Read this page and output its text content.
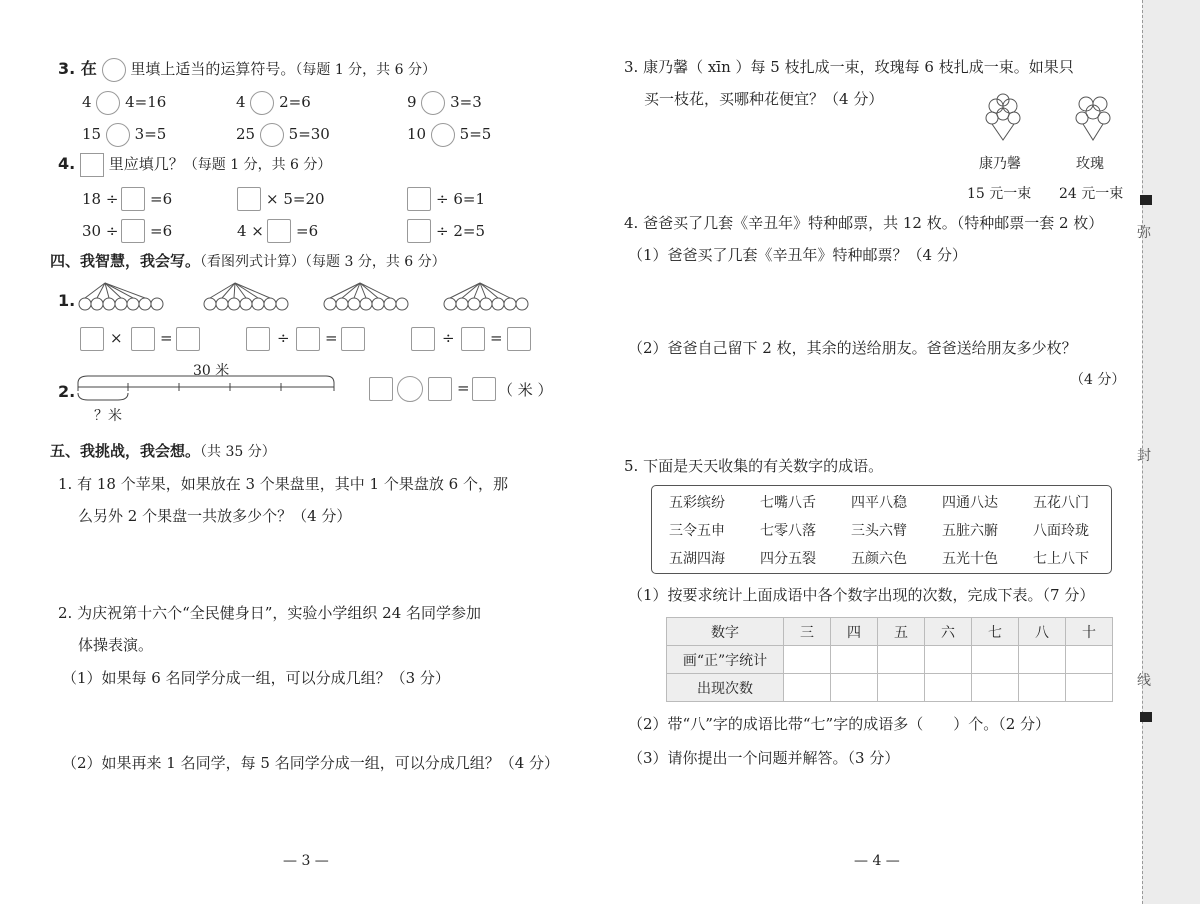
3. 在 里填上适当的运算符号。（每题 1 分，共 6 分）
4 4=16	4 2=6	9 3=3
15 3=5	25 5=30	10 5=5
4. 里应填几？（每题 1 分，共 6 分）
18 ÷ =6	× 5=20	÷ 6=1
30 ÷ =6	4 × =6	÷ 2=5
四、我智慧，我会写。（看图列式计算）（每题 3 分，共 6 分）
1.
× =	÷ =	÷ =
2.
30 米
？米
= （ 米 ）
五、我挑战，我会想。（共 35 分）
1. 有 18 个苹果，如果放在 3 个果盘里，其中 1 个果盘放 6 个，那
么另外 2 个果盘一共放多少个？（4 分）
2. 为庆祝第十六个“全民健身日”，实验小学组织 24 名同学参加
体操表演。
（1）如果每 6 名同学分成一组，可以分成几组？（3 分）
（2）如果再来 1 名同学，每 5 名同学分成一组，可以分成几组？（4 分）
— 3 —
3. 康乃馨（ xīn ）每 5 枝扎成一束，玫瑰每 6 枝扎成一束。如果只
买一枝花，买哪种花便宜？（4 分）
康乃馨	玫瑰
15 元一束 24 元一束
4. 爸爸买了几套《辛丑年》特种邮票，共 12 枚。（特种邮票一套 2 枚）
（1）爸爸买了几套《辛丑年》特种邮票？（4 分）
（2）爸爸自己留下 2 枚，其余的送给朋友。爸爸送给朋友多少枚？
（4 分）
5. 下面是天天收集的有关数字的成语。
五彩缤纷	七嘴八舌	四平八稳	四通八达	五花八门
三令五申	七零八落	三头六臂	五脏六腑	八面玲珑
五湖四海	四分五裂	五颜六色	五光十色	七上八下
（1）按要求统计上面成语中各个数字出现的次数，完成下表。（7 分）
数字	三	四	五	六	七	八	十
画“正”字统计							
出现次数							
（2）带“八”字的成语比带“七”字的成语多（　　）个。（2 分）
（3）请你提出一个问题并解答。（3 分）
— 4 —
弥
封
线
